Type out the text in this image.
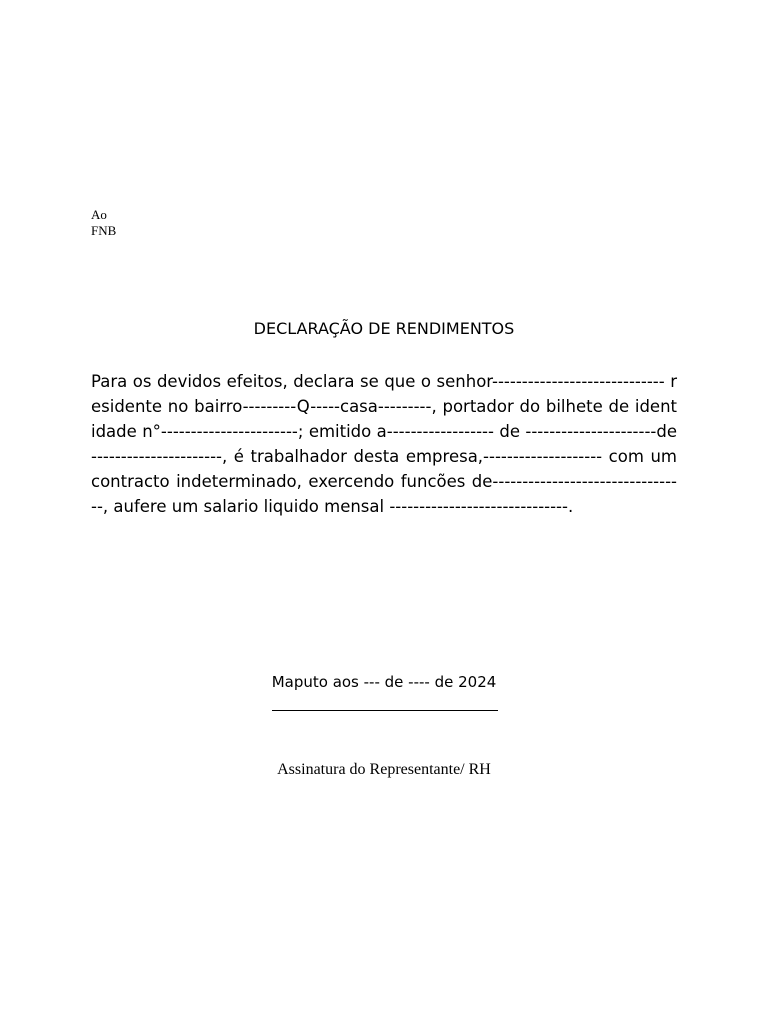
Ao
FNB
DECLARAÇÃO DE RENDIMENTOS
Para os devidos efeitos, declara se que o senhor----------------------------- residente no bairro---------Q-----casa---------, portador do bilhete de identidade n°-----------------------; emitido a------------------ de ----------------------de ----------------------, é trabalhador desta empresa,-------------------- com um contracto indeterminado, exercendo funcões de---------------------------------, aufere um salario liquido mensal ------------------------------.
Maputo aos --- de ---- de 2024
Assinatura do Representante/ RH
